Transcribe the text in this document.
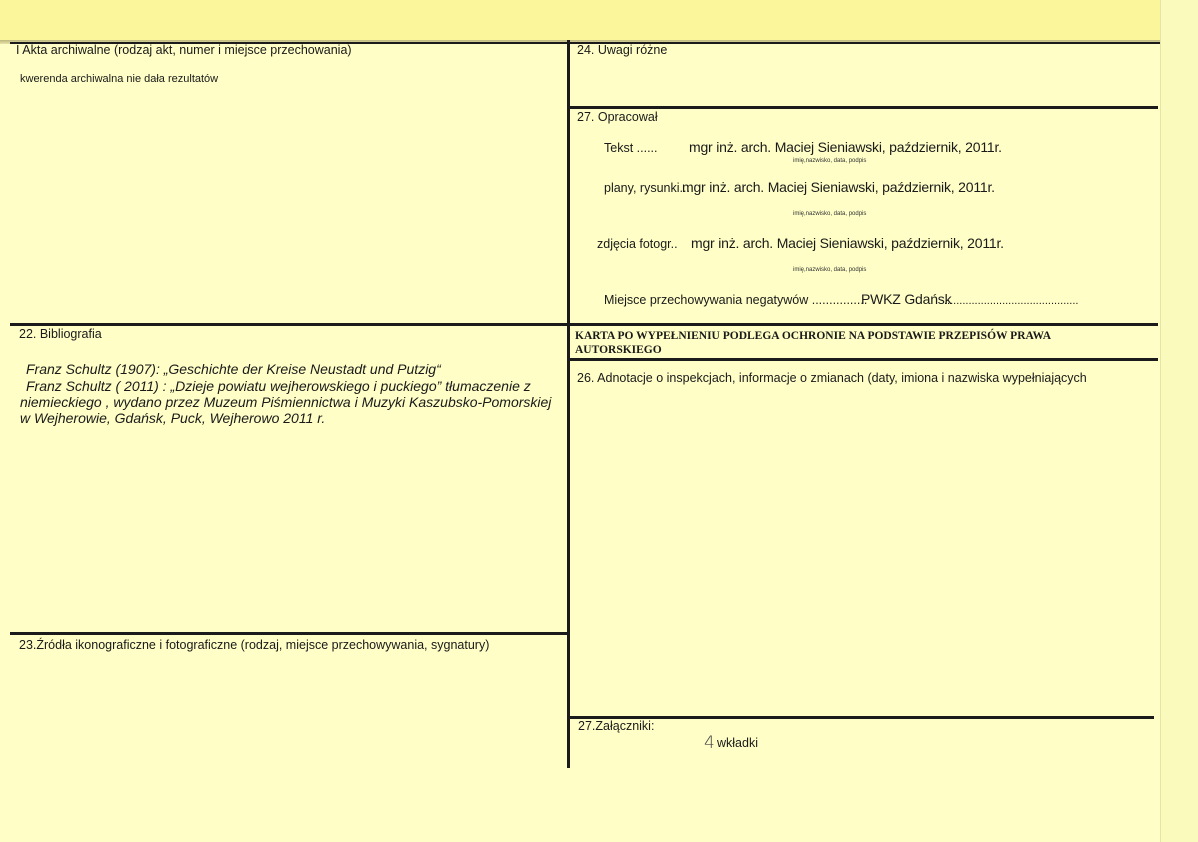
I Akta archiwalne (rodzaj akt, numer i miejsce przechowania)
kwerenda archiwalna nie dała rezultatów
22. Bibliografia
Franz Schultz (1907): „Geschichte der Kreise Neustadt und Putzig“
Franz Schultz ( 2011) : „Dzieje powiatu wejherowskiego i puckiego” tłumaczenie z
niemieckiego , wydano przez Muzeum Piśmiennictwa i Muzyki Kaszubsko-Pomorskiej
w Wejherowie, Gdańsk, Puck, Wejherowo 2011 r.
23.Źródła ikonograficzne i fotograficzne (rodzaj, miejsce przechowywania, sygnatury)
24. Uwagi różne
27. Opracował
Tekst ...... mgr inż. arch. Maciej Sieniawski, październik, 2011r.
imię,nazwisko, data, podpis
plany, rysunki...
mgr inż. arch. Maciej Sieniawski, październik, 2011r.
imię,nazwisko, data, podpis
zdjęcia fotogr.. mgr inż. arch. Maciej Sieniawski, październik, 2011r.
imię,nazwisko, data, podpis
Miejsce przechowywania negatywów ................
PWKZ Gdańsk
............................................
KARTA PO WYPEŁNIENIU PODLEGA OCHRONIE NA PODSTAWIE PRZEPISÓW PRAWA
AUTORSKIEGO
26. Adnotacje o inspekcjach, informacje o zmianach (daty, imiona i nazwiska wypełniających
27.Załączniki:
4 wkładki
